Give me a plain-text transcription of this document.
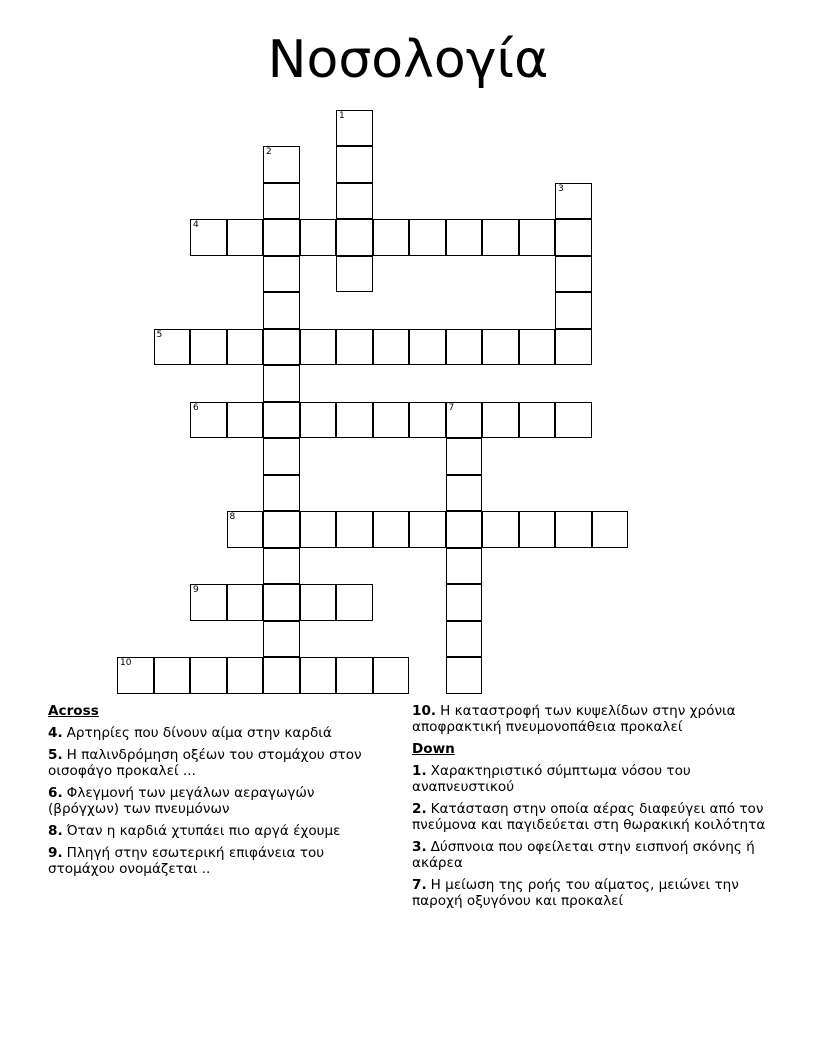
Νοσολογία
1
2
3
4
5
6	7
8
9
10
Across
4. Αρτηρίες που δίνουν αίμα στην καρδιά
5. Η παλινδρόμηση οξέων του στομάχου στον οισοφάγο προκαλεί ...
6. Φλεγμονή των μεγάλων αεραγωγών (βρόγχων) των πνευμόνων
8. Όταν η καρδιά χτυπάει πιο αργά έχουμε
9. Πληγή στην εσωτερική επιφάνεια του στομάχου ονομάζεται ..
10. Η καταστροφή των κυψελίδων στην χρόνια αποφρακτική πνευμονοπάθεια προκαλεί
Down
1. Χαρακτηριστικό σύμπτωμα νόσου του αναπνευστικού
2. Κατάσταση στην οποία αέρας διαφεύγει από τον πνεύμονα και παγιδεύεται στη θωρακική κοιλότητα
3. Δύσπνοια που οφείλεται στην εισπνοή σκόνης ή ακάρεα
7. Η μείωση της ροής του αίματος, μειώνει την παροχή οξυγόνου και προκαλεί
